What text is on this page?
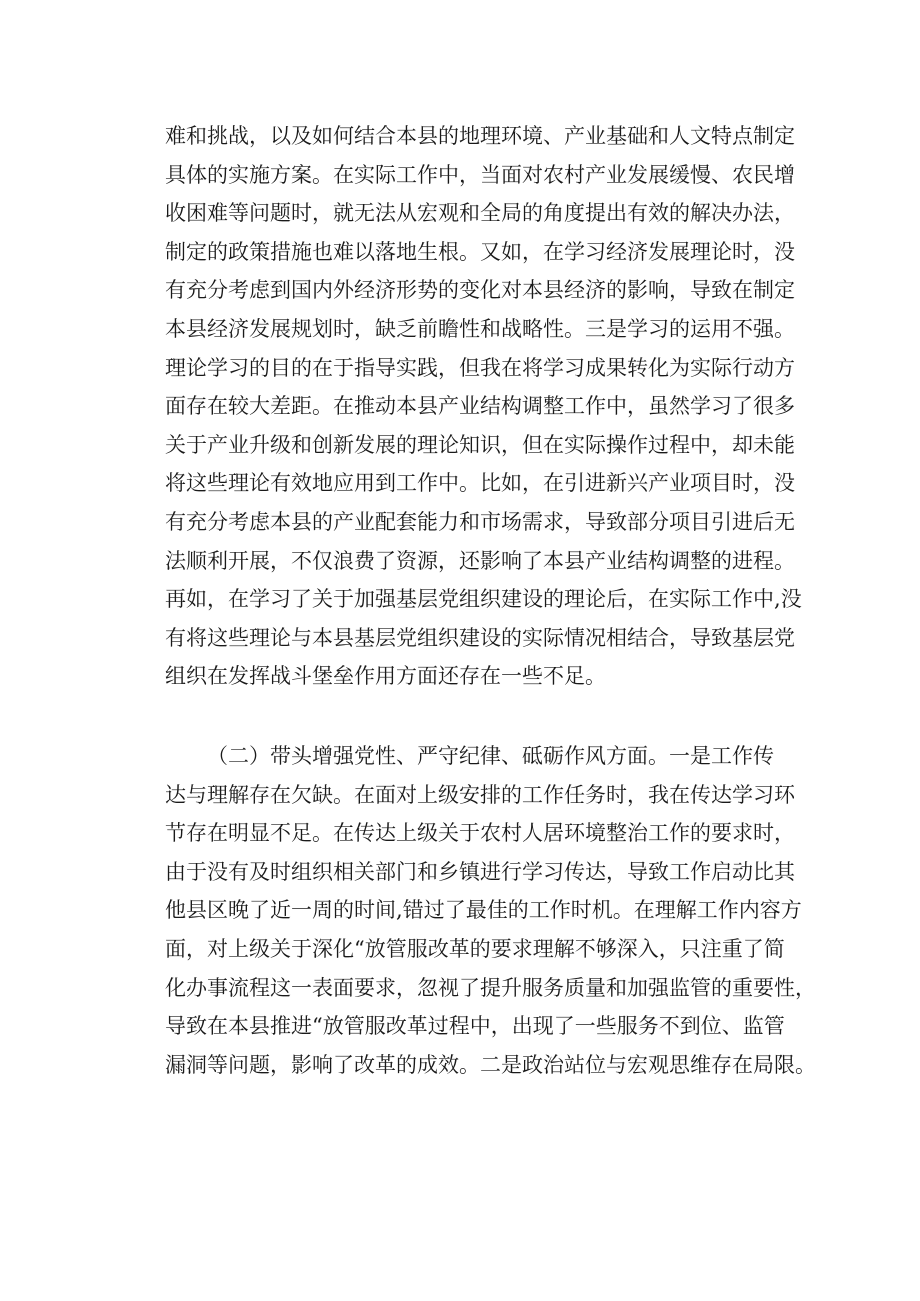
难 和 挑 战 ， 以 及 如 何 结 合 本 县 的 地 理 环 境 、 产 业 基 础 和 人 文 特 点 制 定
具 体 的 实 施 方 案 。 在 实 际 工 作 中 ， 当 面 对 农 村 产 业 发 展 缓 慢 、 农 民 增
收 困 难 等 问 题 时 ， 就 无 法 从 宏 观 和 全 局 的 角 度 提 出 有 效 的 解 决 办 法 ，
制 定 的 政 策 措 施 也 难 以 落 地 生 根 。 又 如 ， 在 学 习 经 济 发 展 理 论 时 ， 没
有 充 分 考 虑 到 国 内 外 经 济 形 势 的 变 化 对 本 县 经 济 的 影 响 ， 导 致 在 制 定
本 县 经 济 发 展 规 划 时 ， 缺 乏 前 瞻 性 和 战 略 性 。 三 是 学 习 的 运 用 不 强 。
理 论 学 习 的 目 的 在 于 指 导 实 践 ， 但 我 在 将 学 习 成 果 转 化 为 实 际 行 动 方
面 存 在 较 大 差 距 。 在 推 动 本 县 产 业 结 构 调 整 工 作 中 ， 虽 然 学 习 了 很 多
关 于 产 业 升 级 和 创 新 发 展 的 理 论 知 识 ， 但 在 实 际 操 作 过 程 中 ， 却 未 能
将 这 些 理 论 有 效 地 应 用 到 工 作 中 。 比 如 ， 在 引 进 新 兴 产 业 项 目 时 ， 没
有 充 分 考 虑 本 县 的 产 业 配 套 能 力 和 市 场 需 求 ， 导 致 部 分 项 目 引 进 后 无
法 顺 利 开 展 ， 不 仅 浪 费 了 资 源 ， 还 影 响 了 本 县 产 业 结 构 调 整 的 进 程 。
再 如 ， 在 学 习 了 关 于 加 强 基 层 党 组 织 建 设 的 理 论 后 ， 在 实 际 工 作 中 , 没
有 将 这 些 理 论 与 本 县 基 层 党 组 织 建 设 的 实 际 情 况 相 结 合 ， 导 致 基 层 党
组织在发挥战斗堡垒作用方面还存在一些不足。
（ 二 ） 带 头 增 强 党 性 、 严 守 纪 律 、 砥 砺 作 风 方 面 。 一 是 工 作 传
达 与 理 解 存 在 欠 缺 。 在 面 对 上 级 安 排 的 工 作 任 务 时 ， 我 在 传 达 学 习 环
节 存 在 明 显 不 足 。 在 传 达 上 级 关 于 农 村 人 居 环 境 整 治 工 作 的 要 求 时 ，
由 于 没 有 及 时 组 织 相 关 部 门 和 乡 镇 进 行 学 习 传 达 ， 导 致 工 作 启 动 比 其
他 县 区 晚 了 近 一 周 的 时 间 , 错 过 了 最 佳 的 工 作 时 机 。 在 理 解 工 作 内 容 方
面 ， 对 上 级 关 于 深 化 “ 放 管 服 改 革 的 要 求 理 解 不 够 深 入 ， 只 注 重 了 简
化 办 事 流 程 这 一 表 面 要 求 ， 忽 视 了 提 升 服 务 质 量 和 加 强 监 管 的 重 要 性 ，
导 致 在 本 县 推 进 “ 放 管 服 改 革 过 程 中 ， 出 现 了 一 些 服 务 不 到 位 、 监 管
漏 洞 等 问 题 ， 影 响 了 改 革 的 成 效 。 二 是 政 治 站 位 与 宏 观 思 维 存 在 局 限 。
